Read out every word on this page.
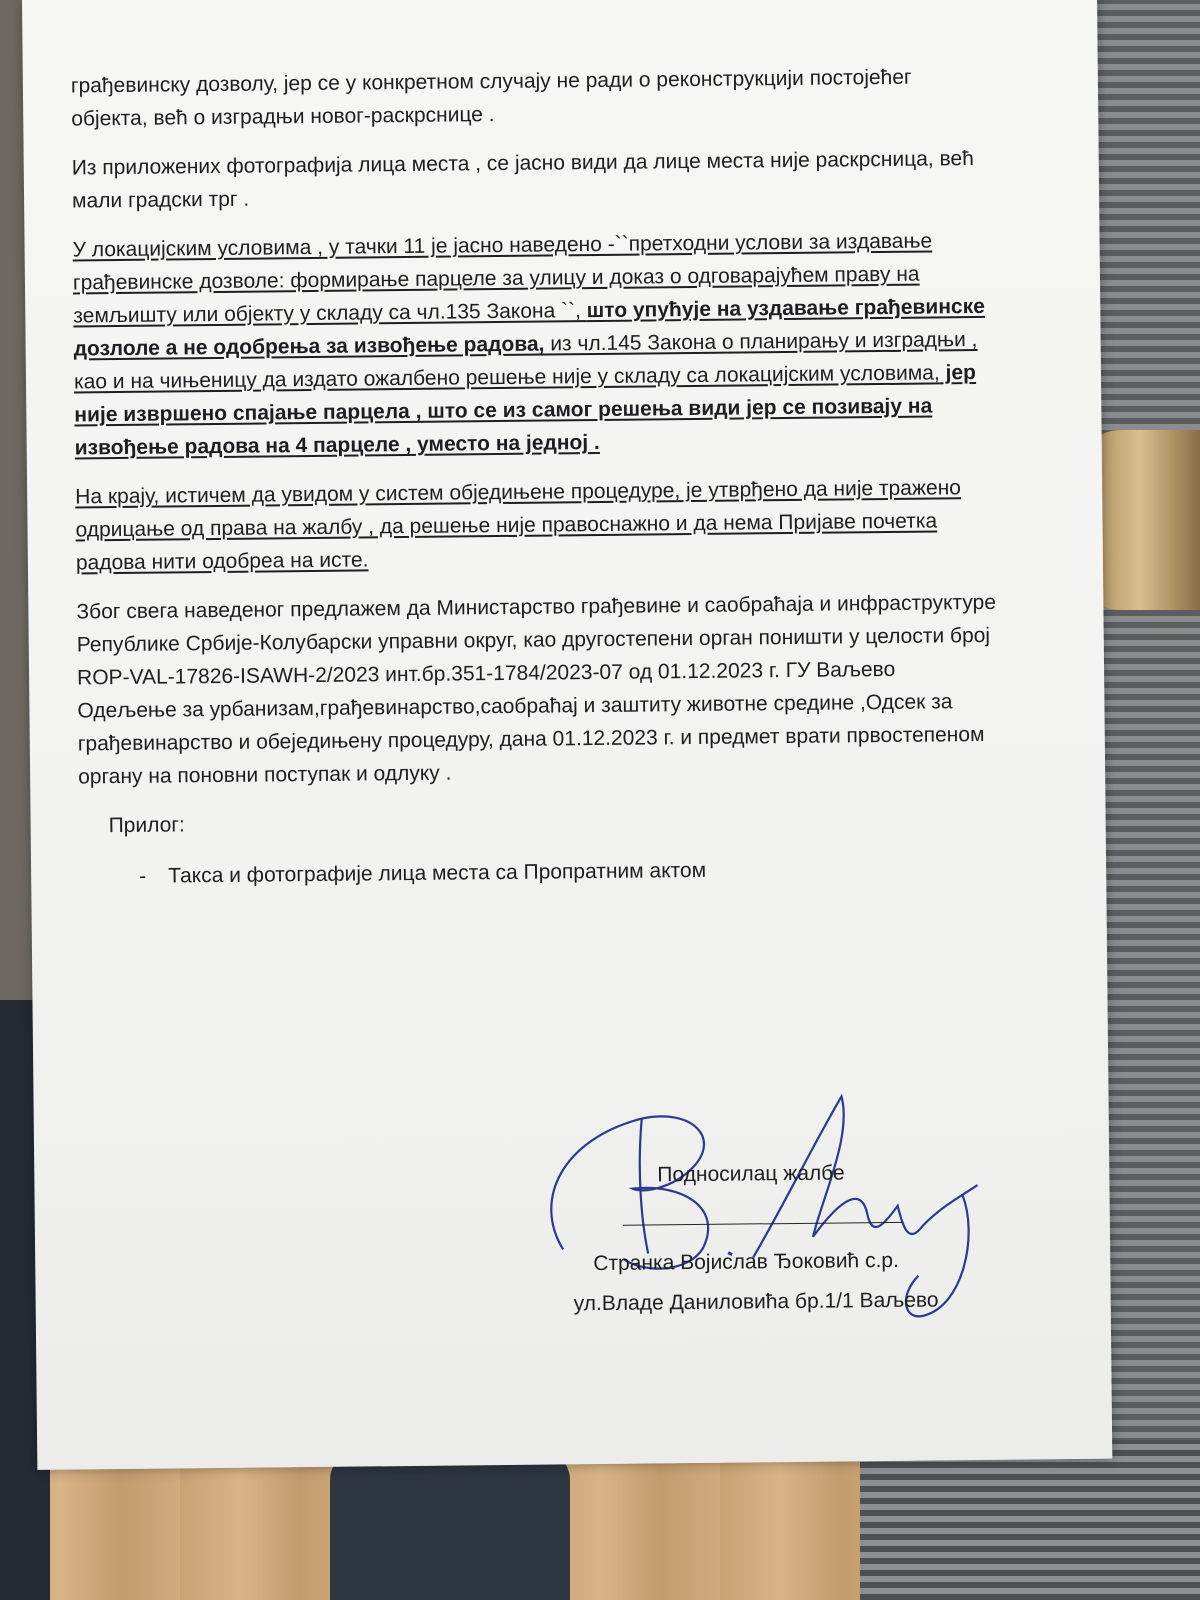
грађевинску дозволу, јер се у конкретном случају не ради о реконструкцији постојећег објекта, већ о изградњи новог-раскрснице .

Из приложених фотографија лица места , се јасно види да лице места није раскрсница, већ мали градски трг .

У локацијским условима , у тачки 11 је јасно наведено -``претходни услови за издавање грађевинске дозволе: формирање парцеле за улицу и доказ о одговарајућем праву на земљишту или објекту у складу са чл.135 Закона ``, што упућује на уздавање грађевинске дозлоле а не одобрења за извођење радова, из чл.145 Закона о планирању и изградњи , као и на чињеницу да издато ожалбено решење није у складу са локацијским условима, јер није извршено спајање парцела , што се из самог решења види јер се позивају на извођење радова на 4 парцеле , уместо на једној .

На крају, истичем да увидом у систем обједињене процедуре, је утврђено да није тражено одрицање од права на жалбу , да решење није правоснажно и да нема Пријаве почетка радова нити одобреа на исте.

Због свега наведеног предлажем да Министарство грађевине и саобраћаја и инфраструктуре Републике Србије-Колубарски управни округ, као другостепени орган поништи у целости број ROP-VAL-17826-ISAWH-2/2023 инт.бр.351-1784/2023-07 од 01.12.2023 г. ГУ Ваљево Одељење за урбанизам,грађевинарство,саобраћај и заштиту животне средине ,Одсек за грађевинарство и обеједињену процедуру, дана 01.12.2023 г. и предмет врати првостепеном органу на поновни поступак и одлуку .

Прилог:
- Такса и фотографије лица места са Пропратним актом
Подносилац жалбе
Странка Војислав Ђоковић с.р.
ул.Владе Даниловића бр.1/1 Ваљево
